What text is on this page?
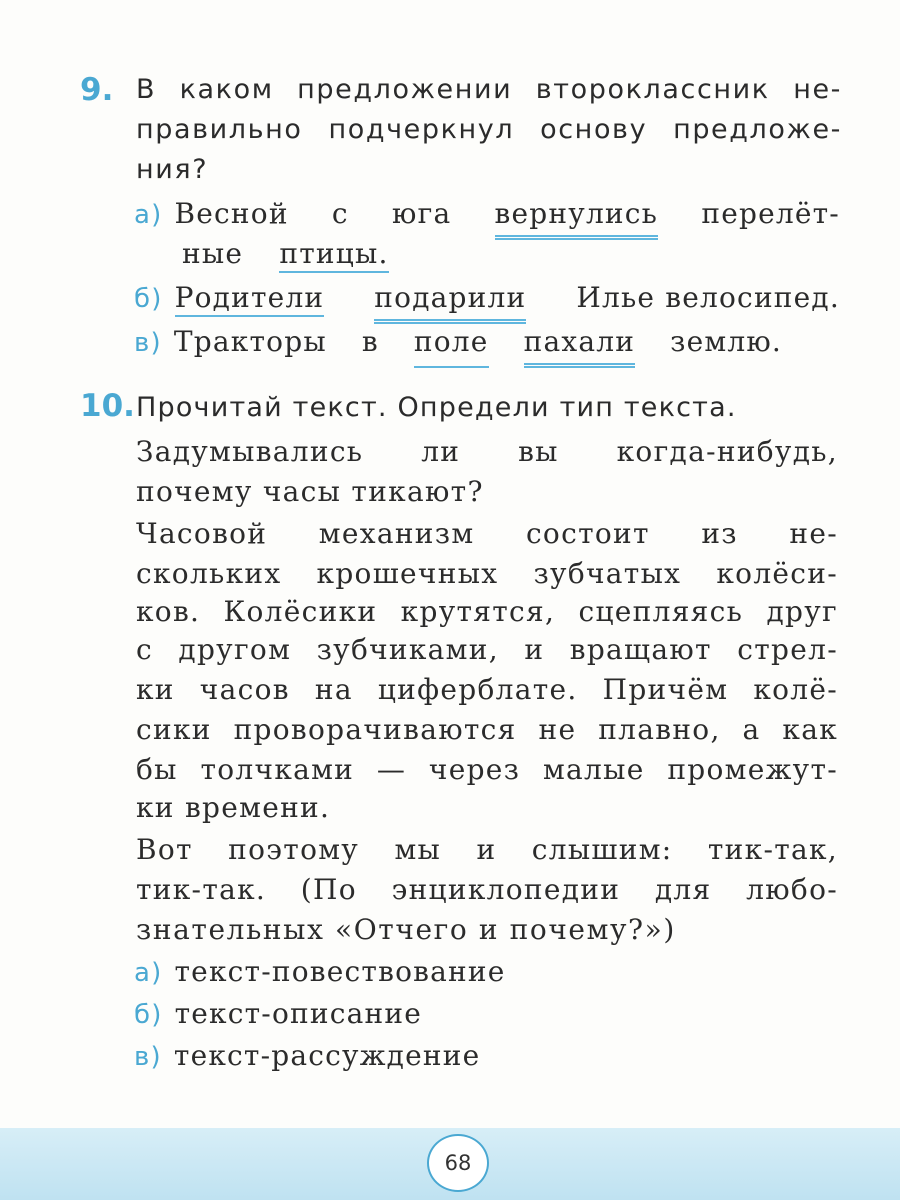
9. В каком предложении второклассник не-
правильно подчеркнул основу предложе-
ния?
а) Весной с юга вернулись перелёт-
ные птицы.
б) Родители подарили Илье велосипед.
в) Тракторы в поле пахали землю.
10. Прочитай текст. Определи тип текста.
Задумывались ли вы когда-нибудь,
почему часы тикают?
Часовой механизм состоит из не-
скольких крошечных зубчатых колёси-
ков. Колёсики крутятся, сцепляясь друг
с другом зубчиками, и вращают стрел-
ки часов на циферблате. Причём колё-
сики проворачиваются не плавно, а как
бы толчками — через малые промежут-
ки времени.
Вот поэтому мы и слышим: тик-так,
тик-так. (По энциклопедии для любо-
знательных «Отчего и почему?»)
а) текст-повествование
б) текст-описание
в) текст-рассуждение
68
